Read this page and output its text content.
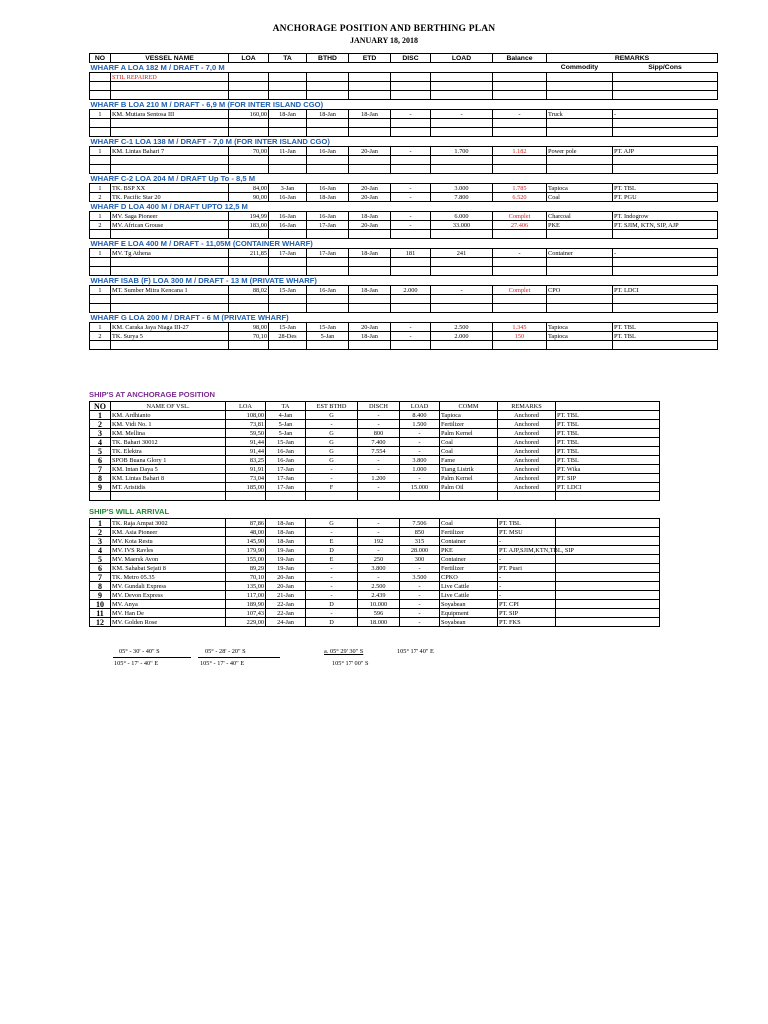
ANCHORAGE POSITION AND BERTHING PLAN
JANUARY 18, 2018
NO	VESSEL NAME	LOA	TA	BTHD	ETD	DISC	LOAD	Balance	REMARKS	
WHARF A LOA 182 M / DRAFT - 7,0 M									Commodity	Sipp/Cons
	STIL REPAIRED									

WHARF B LOA 210 M / DRAFT - 6,9 M (FOR INTER ISLAND CGO)										
1	KM. Mutiara Sentosa III	160,00	18-Jan	18-Jan	18-Jan	-	-	-	Truck	-

WHARF C-1 LOA 138 M / DRAFT - 7,0 M (FOR INTER ISLAND CGO)										
1	KM. Lintas Bahari 7	70,00	11-Jan	16-Jan	20-Jan	-	1.700	1.182	Power pole	PT. AJP

WHARF C-2 LOA 204 M / DRAFT Up To - 8,5 M										
1	TK. BSP XX	84,00	3-Jan	16-Jan	20-Jan	-	3.000	1.785	Tapioca	PT. TBL
2	TK. Pacific Star 20	90,00	16-Jan	18-Jan	20-Jan	-	7.800	6.520	Coal	PT. PGU
WHARF D LOA 400 M / DRAFT UPTO 12,5 M										
1	MV. Saga Pioneer	194,99	16-Jan	16-Jan	18-Jan	-	6.000	Complet	Charcoal	PT. Indogrow
2	MV. African Grouse	183,00	16-Jan	17-Jan	20-Jan	-	33.000	27.406	PKE	PT. SJIM, KTN, SIP, AJP

WHARF E LOA 400 M / DRAFT - 11,05M (CONTAINER WHARF)										
1	MV. Tg Athena	211,85	17-Jan	17-Jan	18-Jan	181	241	-	Container	-

WHARF ISAB (F) LOA 300 M / DRAFT - 13 M (PRIVATE WHARF)										
1	MT. Sumber Mitra Kencana 1	88,02	15-Jan	16-Jan	18-Jan	2.000	-	Complet	CPO	PT. LDCI

WHARF G LOA 200 M / DRAFT - 6 M (PRIVATE WHARF)										
1	KM. Caraka Jaya Niaga III-27	98,00	15-Jan	15-Jan	20-Jan	-	2.500	1.345	Tapioca	PT. TBL
2	TK. Surya 5	70,10	28-Des	5-Jan	18-Jan	-	2.000	150	Tapioca	PT. TBL

SHIP'S AT ANCHORAGE POSITION
NO	NAME OF VSL.	LOA	TA	EST BTHD	DISCH	LOAD	COMM	REMARKS	
1	KM. Ardhianto	108,00	4-Jan	G	-	8.400	Tapioca	Anchored	PT. TBL
2	KM. Vidi No. 1	73,81	5-Jan	-	-	1.500	Fertilizer	Anchored	PT. TBL
3	KM. Mellina	59,50	5-Jan	G	800	-	Palm Kernel	Anchored	PT. TBL
4	TK. Bahari 30012	91,44	15-Jan	G	7.400	-	Coal	Anchored	PT. TBL
5	TK. Elektra	91,44	16-Jan	G	7.554	-	Coal	Anchored	PT. TBL
6	SPOB Buana Glory 1	83,25	16-Jan	G	-	3.800	Fame	Anchored	PT. TBL
7	KM. Intan Daya 5	91,91	17-Jan	-	-	1.000	Tiang Listrik	Anchored	PT. Wika
8	KM. Lintas Bahari 8	73,04	17-Jan	-	1.200	-	Palm Kernel	Anchored	PT. SIP
9	MT. Aristidis	185,00	17-Jan	F	-	15.000	Palm Oil	Anchored	PT. LDCI

SHIP'S WILL ARRIVAL
1	TK. Raja Ampat 3002	87,86	18-Jan	G	-	7.506	Coal	PT. TBL	
2	KM. Asia Pioneer	48,00	18-Jan	-	-	850	Fertilizer	PT. MSU	
3	MV. Kota Restu	145,90	18-Jan	E	192	315	Container	-	
4	MV. IVS Ravles	179,90	19-Jan	D	-	28.000	PKE	PT. AJP,SJIM,KTN,TBL, SIP	
5	MV. Maersk Avon	155,00	19-Jan	E	250	300	Container	-	
6	KM. Sahabat Sejati 8	89,29	19-Jan	-	3.800	-	Fertilizer	PT. Pusri	
7	TK. Metro 05.35	70,10	20-Jan	-	-	3.500	CPKO	-	
8	MV. Gundali Express	135,00	20-Jan	-	2.500	-	Live Cattle	-	
9	MV. Devon Express	117,00	21-Jan	-	2.439	-	Live Cattle	-	
10	MV. Anya	189,90	22-Jan	D	10.000	-	Soyabean	PT. CPI	
11	MV. Han De	107,43	22-Jan	-	596	-	Equipment	PT. SIP	
12	MV. Golden Rose	229,00	24-Jan	D	18.000	-	Soyabean	PT. FKS	
05° - 30' - 40" S
105° - 17' - 40" E
05° - 28' - 20" S
105° - 17' - 40" E
a. 05° 29' 30" S	105° 17' 40" E
105° 17' 00" S
